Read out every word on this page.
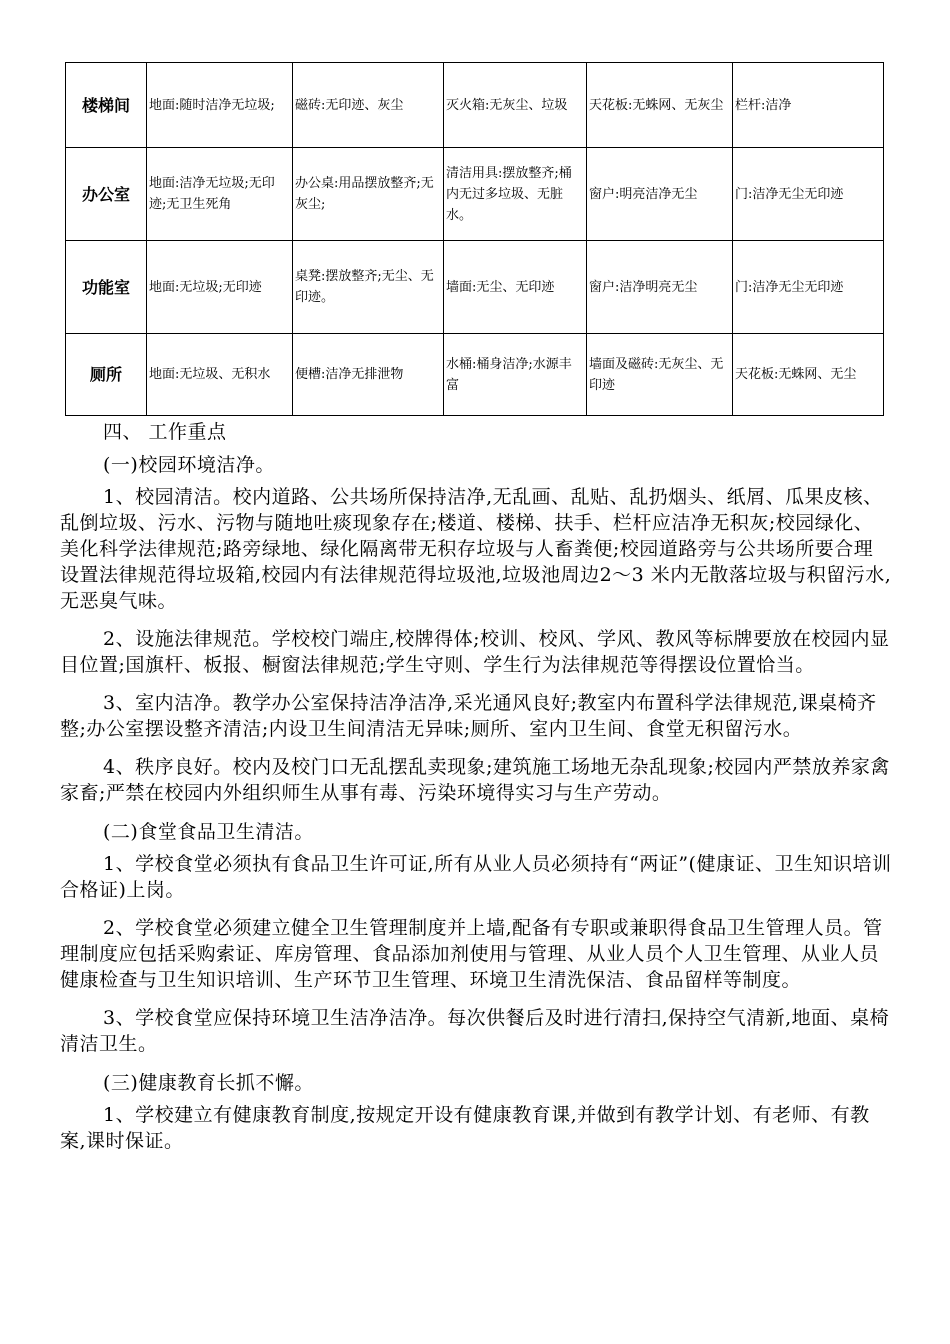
楼梯间	地面:随时洁净无垃圾;	磁砖:无印迹、灰尘	灭火箱:无灰尘、垃圾	天花板:无蛛网、无灰尘	栏杆:洁净
办公室	地面:洁净无垃圾;无印迹;无卫生死角	办公桌:用品摆放整齐;无灰尘;	清洁用具:摆放整齐;桶内无过多垃圾、无脏水。	窗户:明亮洁净无尘	门:洁净无尘无印迹
功能室	地面:无垃圾;无印迹	桌凳:摆放整齐;无尘、无印迹。	墙面:无尘、无印迹	窗户:洁净明亮无尘	门:洁净无尘无印迹
厕所	地面:无垃圾、无积水	便槽:洁净无排泄物	水桶:桶身洁净;水源丰富	墙面及磁砖:无灰尘、无印迹	天花板:无蛛网、无尘

四、 工作重点

(一)校园环境洁净。

1、校园清洁。校内道路、公共场所保持洁净,无乱画、乱贴、乱扔烟头、纸屑、瓜果皮核、乱倒垃圾、污水、污物与随地吐痰现象存在;楼道、楼梯、扶手、栏杆应洁净无积灰;校园绿化、美化科学法律规范;路旁绿地、绿化隔离带无积存垃圾与人畜粪便;校园道路旁与公共场所要合理设置法律规范得垃圾箱,校园内有法律规范得垃圾池,垃圾池周边2～3 米内无散落垃圾与积留污水,无恶臭气味。

2、设施法律规范。学校校门端庄,校牌得体;校训、校风、学风、教风等标牌要放在校园内显目位置;国旗杆、板报、橱窗法律规范;学生守则、学生行为法律规范等得摆设位置恰当。

3、室内洁净。教学办公室保持洁净洁净,采光通风良好;教室内布置科学法律规范,课桌椅齐整;办公室摆设整齐清洁;内设卫生间清洁无异味;厕所、室内卫生间、食堂无积留污水。

4、秩序良好。校内及校门口无乱摆乱卖现象;建筑施工场地无杂乱现象;校园内严禁放养家禽家畜;严禁在校园内外组织师生从事有毒、污染环境得实习与生产劳动。

(二)食堂食品卫生清洁。

1、学校食堂必须执有食品卫生许可证,所有从业人员必须持有“两证”(健康证、卫生知识培训合格证)上岗。

2、学校食堂必须建立健全卫生管理制度并上墙,配备有专职或兼职得食品卫生管理人员。管理制度应包括采购索证、库房管理、食品添加剂使用与管理、从业人员个人卫生管理、从业人员健康检查与卫生知识培训、生产环节卫生管理、环境卫生清洗保洁、食品留样等制度。

3、学校食堂应保持环境卫生洁净洁净。每次供餐后及时进行清扫,保持空气清新,地面、桌椅清洁卫生。

(三)健康教育长抓不懈。

1、学校建立有健康教育制度,按规定开设有健康教育课,并做到有教学计划、有老师、有教案,课时保证。
